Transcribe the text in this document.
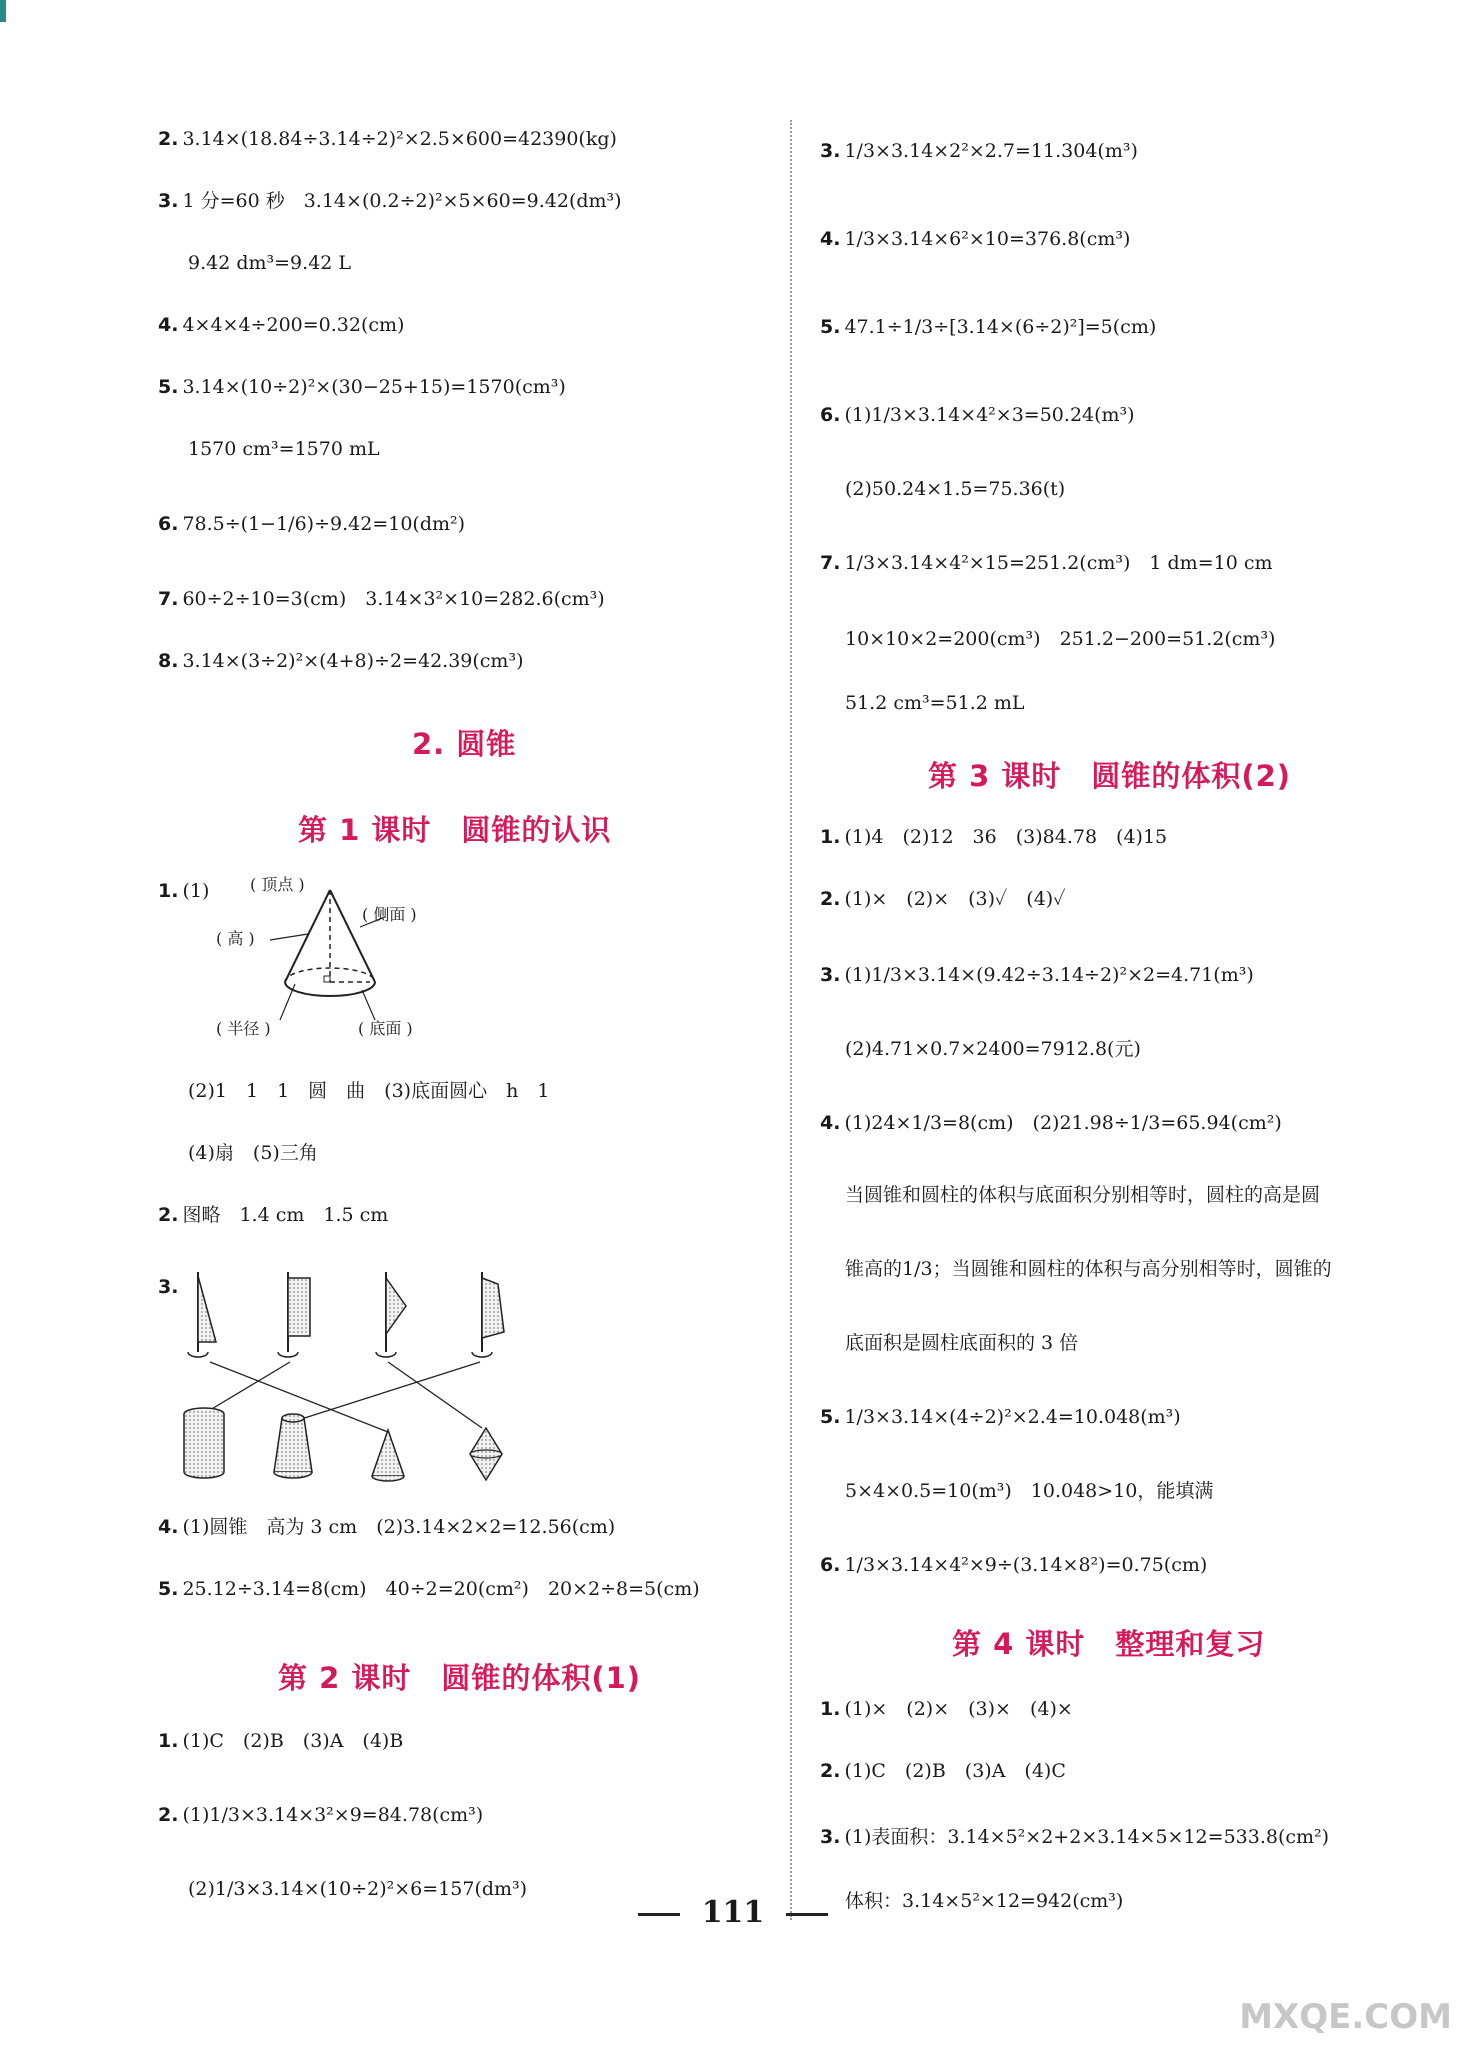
2. 3.14×(18.84÷3.14÷2)²×2.5×600=42390(kg)
3. 1 分=60 秒　3.14×(0.2÷2)²×5×60=9.42(dm³)
9.42 dm³=9.42 L
4. 4×4×4÷200=0.32(cm)
5. 3.14×(10÷2)²×(30−25+15)=1570(cm³)
1570 cm³=1570 mL
6. 78.5÷(1−1/6)÷9.42=10(dm²)
7. 60÷2÷10=3(cm)　3.14×3²×10=282.6(cm³)
8. 3.14×(3÷2)²×(4+8)÷2=42.39(cm³)
2. 圆锥
第 1 课时　圆锥的认识
1. (1)	( 顶点 )
( 高 )
( 侧面 )
( 半径 )	( 底面 )
(2)1　1　1　圆　曲　(3)底面圆心　h　1
(4)扇　(5)三角
2. 图略　1.4 cm　1.5 cm
3.
4. (1)圆锥　高为 3 cm　(2)3.14×2×2=12.56(cm)
5. 25.12÷3.14=8(cm)　40÷2=20(cm²)　20×2÷8=5(cm)
第 2 课时　圆锥的体积(1)
1. (1)C　(2)B　(3)A　(4)B
2. (1)1/3×3.14×3²×9=84.78(cm³)
(2)1/3×3.14×(10÷2)²×6=157(dm³)
3. 1/3×3.14×2²×2.7=11.304(m³)
4. 1/3×3.14×6²×10=376.8(cm³)
5. 47.1÷1/3÷[3.14×(6÷2)²]=5(cm)
6. (1)1/3×3.14×4²×3=50.24(m³)
(2)50.24×1.5=75.36(t)
7. 1/3×3.14×4²×15=251.2(cm³)　1 dm=10 cm
10×10×2=200(cm³)　251.2−200=51.2(cm³)
51.2 cm³=51.2 mL
第 3 课时　圆锥的体积(2)
1. (1)4　(2)12　36　(3)84.78　(4)15
2. (1)×　(2)×　(3)✓　(4)✓
3. (1)1/3×3.14×(9.42÷3.14÷2)²×2=4.71(m³)
(2)4.71×0.7×2400=7912.8(元)
4. (1)24×1/3=8(cm)　(2)21.98÷1/3=65.94(cm²)
当圆锥和圆柱的体积与底面积分别相等时，圆柱的高是圆
锥高的1/3；当圆锥和圆柱的体积与高分别相等时，圆锥的
底面积是圆柱底面积的 3 倍
5. 1/3×3.14×(4÷2)²×2.4=10.048(m³)
5×4×0.5=10(m³)　10.048>10，能填满
6. 1/3×3.14×4²×9÷(3.14×8²)=0.75(cm)
第 4 课时　整理和复习
1. (1)×　(2)×　(3)×　(4)×
2. (1)C　(2)B　(3)A　(4)C
3. (1)表面积：3.14×5²×2+2×3.14×5×12=533.8(cm²)
体积：3.14×5²×12=942(cm³)
111
MXQE.COM
